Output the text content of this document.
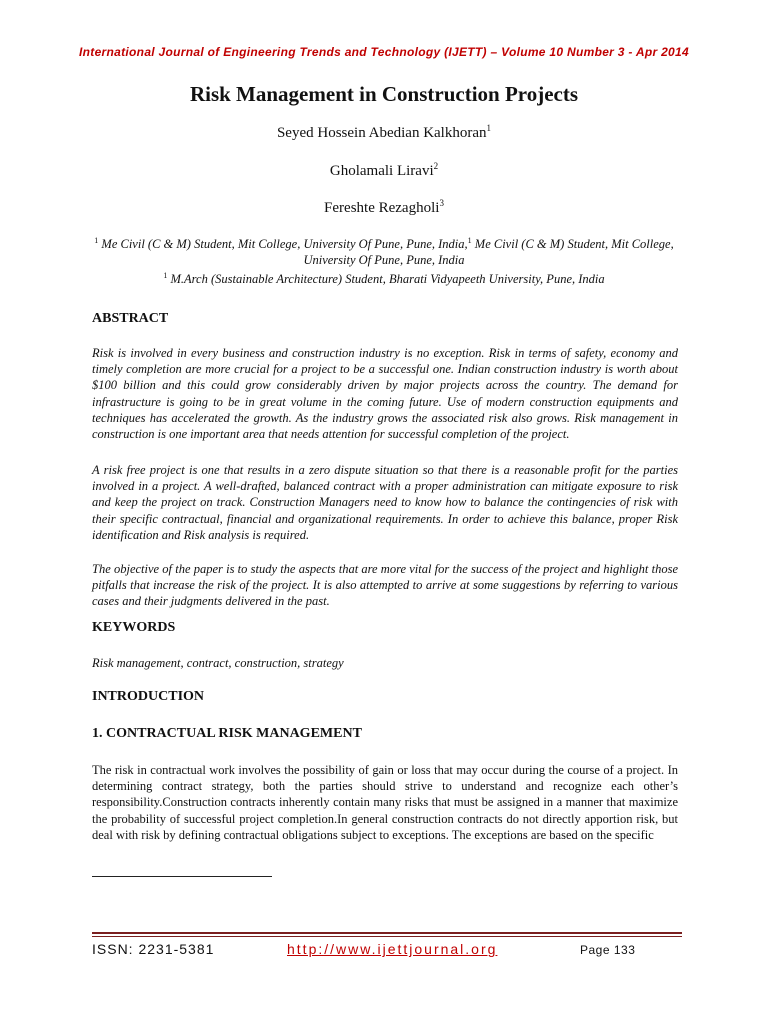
International Journal of Engineering Trends and Technology (IJETT) – Volume 10 Number 3 - Apr 2014
Risk Management in Construction Projects
Seyed Hossein Abedian Kalkhoran$^1$
Gholamali Liravi$^2$
Fereshte Rezagholi$^3$
$^1$ Me Civil (C & M) Student, Mit College, University Of Pune, Pune, India,$^1$ Me Civil (C & M) Student, Mit College,
University Of Pune, Pune, India
$^1$ M.Arch (Sustainable Architecture) Student, Bharati Vidyapeeth University, Pune, India
ABSTRACT
Risk is involved in every business and construction industry is no exception. Risk in terms of safety, economy and timely completion are more crucial for a project to be a successful one. Indian construction industry is worth about $100 billion and this could grow considerably driven by major projects across the country. The demand for infrastructure is going to be in great volume in the coming future. Use of modern construction equipments and techniques has accelerated the growth. As the industry grows the associated risk also grows. Risk management in construction is one important area that needs attention for successful completion of the project.
A risk free project is one that results in a zero dispute situation so that there is a reasonable profit for the parties involved in a project. A well-drafted, balanced contract with a proper administration can mitigate exposure to risk and keep the project on track. Construction Managers need to know how to balance the contingencies of risk with their specific contractual, financial and organizational requirements. In order to achieve this balance, proper Risk identification and Risk analysis is required.
The objective of the paper is to study the aspects that are more vital for the success of the project and highlight those pitfalls that increase the risk of the project. It is also attempted to arrive at some suggestions by referring to various cases and their judgments delivered in the past.
KEYWORDS
Risk management, contract, construction, strategy
INTRODUCTION
1. CONTRACTUAL RISK MANAGEMENT
The risk in contractual work involves the possibility of gain or loss that may occur during the course of a project. In determining contract strategy, both the parties should strive to understand and recognize each other’s responsibility.Construction contracts inherently contain many risks that must be assigned in a manner that maximize the probability of successful project completion.In general construction contracts do not directly apportion risk, but deal with risk by defining contractual obligations subject to exceptions. The exceptions are based on the specific
ISSN: 2231-5381	http://www.ijettjournal.org	Page 133
